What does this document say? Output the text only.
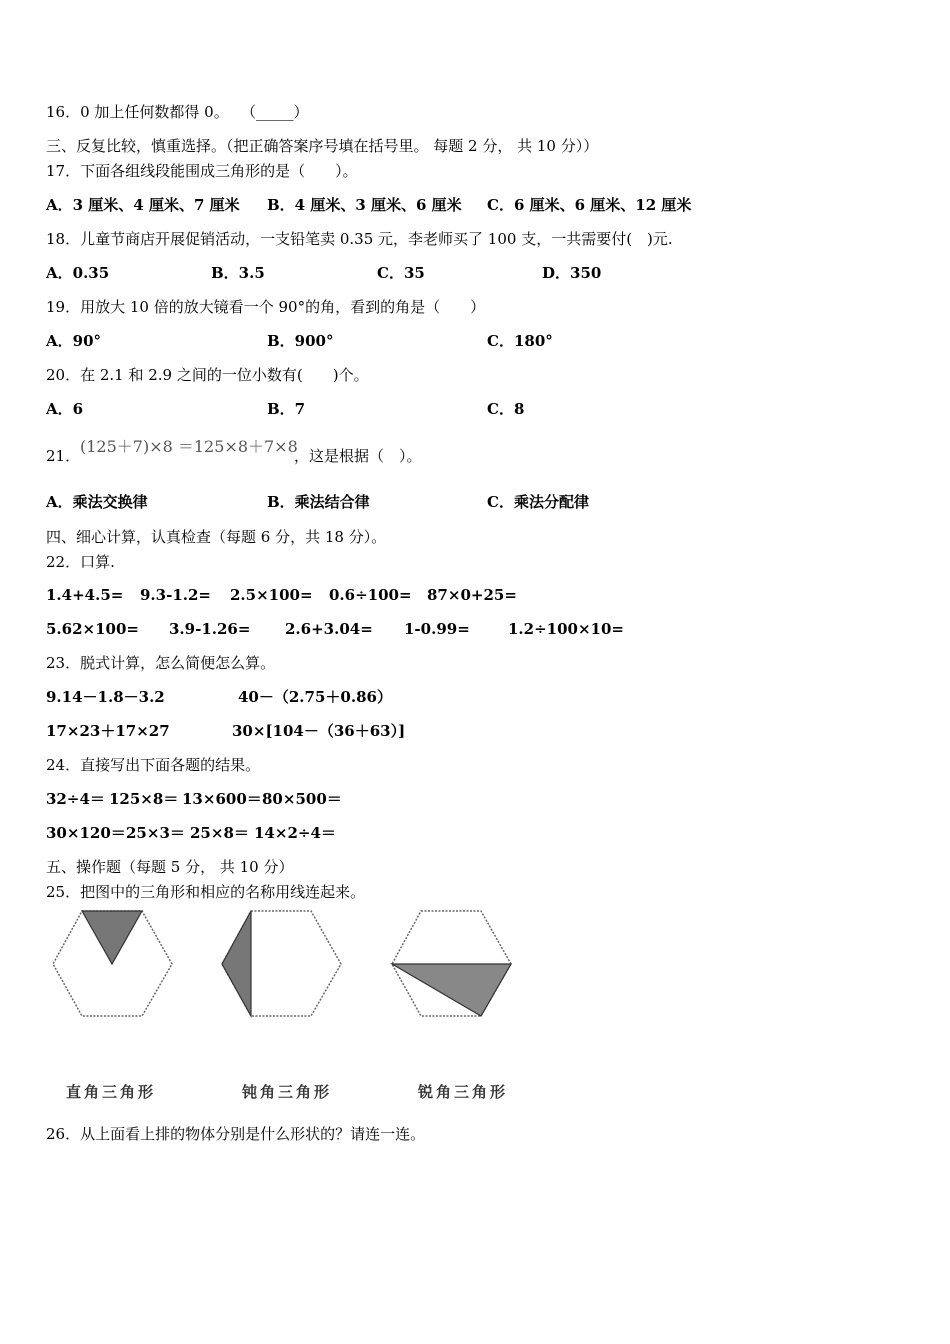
16．0 加上任何数都得 0。　 （_____）
三、反复比较，慎重选择。（把正确答案序号填在括号里。 每题 2 分， 共 10 分））
17．下面各组线段能围成三角形的是（　　）。
A．3 厘米、4 厘米、7 厘米 B．4 厘米、3 厘米、6 厘米 C．6 厘米、6 厘米、12 厘米
18．儿童节商店开展促销活动，一支铅笔卖 0.35 元，李老师买了 100 支，一共需要付(　)元.
A．0.35	B．3.5	C．35	D．350
19．用放大 10 倍的放大镜看一个 90°的角，看到的角是（　　）
A．90°	B．900°	C．180°
20．在 2.1 和 2.9 之间的一位小数有(　　)个。
A．6	B．7	C．8
21． (125＋7)×8 ＝125×8＋7×8
，这是根据（　）。
A．乘法交换律	B．乘法结合律	C．乘法分配律
四、细心计算，认真检查（每题 6 分，共 18 分）。
22．口算.
1.4+4.5= 9.3-1.2= 2.5×100= 0.6÷100= 87×0+25=
5.62×100= 3.9-1.26= 2.6+3.04= 1-0.99=	1.2÷100×10=
23．脱式计算，怎么简便怎么算。
9.14－1.8－3.2	40－（2.75＋0.86）
17×23＋17×27	30×[104－（36＋63）]
24．直接写出下面各题的结果。
32÷4＝ 125×8＝ 13×600＝ 80×500＝
30×120＝ 25×3＝ 25×8＝ 14×2÷4＝
五、操作题（每题 5 分， 共 10 分）
25．把图中的三角形和相应的名称用线连起来。
直角三角形	钝角三角形	锐角三角形
26．从上面看上排的物体分别是什么形状的？请连一连。
